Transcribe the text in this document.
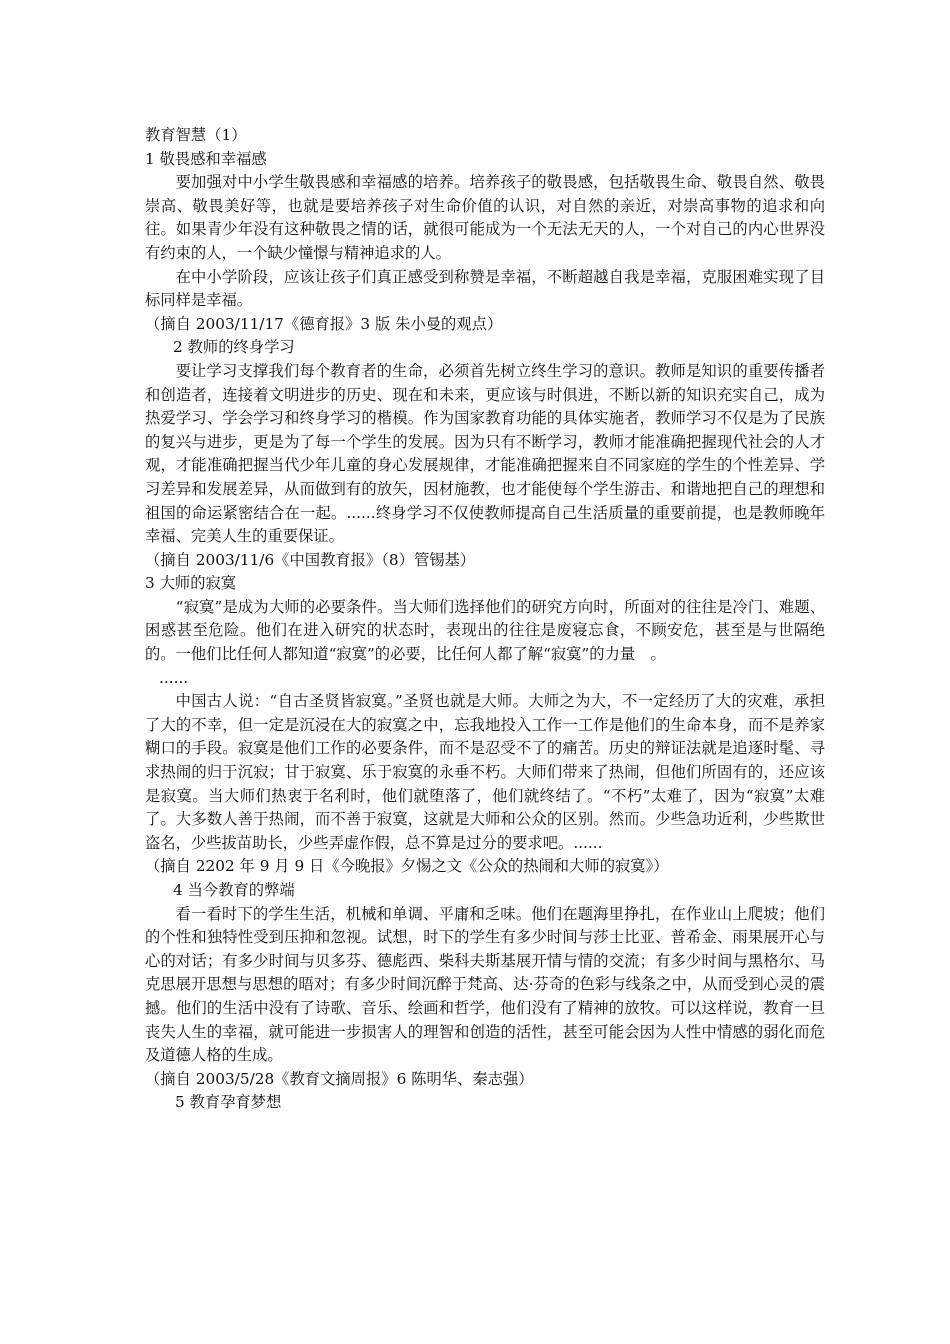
教育智慧（1）
1 敬畏感和幸福感

要加强对中小学生敬畏感和幸福感的培养。培养孩子的敬畏感，包括敬畏生命、敬畏自然、敬畏崇高、敬畏美好等，也就是要培养孩子对生命价值的认识，对自然的亲近，对崇高事物的追求和向往。如果青少年没有这种敬畏之情的话，就很可能成为一个无法无天的人，一个对自己的内心世界没有约束的人，一个缺少憧憬与精神追求的人。

在中小学阶段，应该让孩子们真正感受到称赞是幸福，不断超越自我是幸福，克服困难实现了目标同样是幸福。

（摘自 2003/11/17《德育报》3 版 朱小曼的观点）
2 教师的终身学习

要让学习支撑我们每个教育者的生命，必须首先树立终生学习的意识。教师是知识的重要传播者和创造者，连接着文明进步的历史、现在和未来，更应该与时俱进，不断以新的知识充实自己，成为热爱学习、学会学习和终身学习的楷模。作为国家教育功能的具体实施者，教师学习不仅是为了民族的复兴与进步，更是为了每一个学生的发展。因为只有不断学习，教师才能准确把握现代社会的人才观，才能准确把握当代少年儿童的身心发展规律，才能准确把握来自不同家庭的学生的个性差异、学习差异和发展差异，从而做到有的放矢，因材施教，也才能使每个学生游击、和谐地把自己的理想和祖国的命运紧密结合在一起。......终身学习不仅使教师提高自己生活质量的重要前提，也是教师晚年幸福、完美人生的重要保证。

（摘自 2003/11/6《中国教育报》（8）管锡基）
3 大师的寂寞

“寂寞”是成为大师的必要条件。当大师们选择他们的研究方向时，所面对的往往是冷门、难题、困惑甚至危险。他们在进入研究的状态时，表现出的往往是废寝忘食，不顾安危，甚至是与世隔绝的。一他们比任何人都知道“寂寞”的必要，比任何人都了解“寂寞”的力量　。

......

中国古人说：“自古圣贤皆寂寞。”圣贤也就是大师。大师之为大，不一定经历了大的灾难，承担了大的不幸，但一定是沉浸在大的寂寞之中，忘我地投入工作一工作是他们的生命本身，而不是养家糊口的手段。寂寞是他们工作的必要条件，而不是忍受不了的痛苦。历史的辩证法就是追逐时髦、寻求热闹的归于沉寂；甘于寂寞、乐于寂寞的永垂不朽。大师们带来了热闹，但他们所固有的，还应该是寂寞。当大师们热衷于名利时，他们就堕落了，他们就终结了。“不朽”太难了，因为“寂寞”太难了。大多数人善于热闹，而不善于寂寞，这就是大师和公众的区别。然而。少些急功近利，少些欺世盗名，少些拔苗助长，少些弄虚作假，总不算是过分的要求吧。......

（摘自 2202 年 9 月 9 日《今晚报》夕惕之文《公众的热闹和大师的寂寞》）
4 当今教育的弊端

看一看时下的学生生活，机械和单调、平庸和乏味。他们在题海里挣扎，在作业山上爬坡；他们的个性和独特性受到压抑和忽视。试想，时下的学生有多少时间与莎士比亚、普希金、雨果展开心与心的对话；有多少时间与贝多芬、德彪西、柴科夫斯基展开情与情的交流；有多少时间与黑格尔、马克思展开思想与思想的晤对；有多少时间沉醉于梵高、达·芬奇的色彩与线条之中，从而受到心灵的震撼。他们的生活中没有了诗歌、音乐、绘画和哲学，他们没有了精神的放牧。可以这样说，教育一旦丧失人生的幸福，就可能进一步损害人的理智和创造的活性，甚至可能会因为人性中情感的弱化而危及道德人格的生成。

（摘自 2003/5/28《教育文摘周报》6 陈明华、秦志强）
5 教育孕育梦想
